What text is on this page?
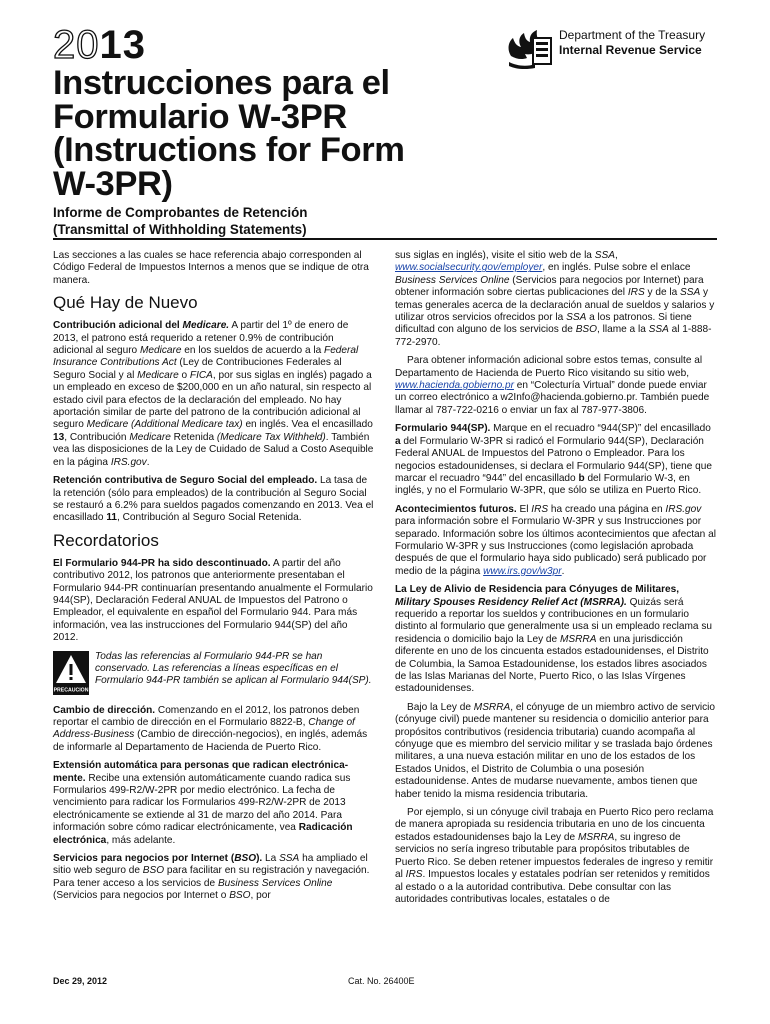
2013	Department of the Treasury
Internal Revenue Service
Instrucciones para el Formulario W-3PR (Instructions for Form W-3PR)
Informe de Comprobantes de Retención
(Transmittal of Withholding Statements)

Las secciones a las cuales se hace referencia abajo corresponden al Código Federal de Impuestos Internos a menos que se indique de otra manera.

Qué Hay de Nuevo

Contribución adicional del Medicare. A partir del 1º de enero de 2013, el patrono está requerido a retener 0.9% de contribución adicional al seguro Medicare en los sueldos de acuerdo a la Federal Insurance Contributions Act (Ley de Contribuciones Federales al Seguro Social y al Medicare o FICA, por sus siglas en inglés) pagado a un empleado en exceso de $200,000 en un año natural, sin respecto al estado civil para efectos de la declaración del empleado. No hay aportación similar de parte del patrono de la contribución adicional al seguro Medicare (Additional Medicare tax) en inglés. Vea el encasillado 13, Contribución Medicare Retenida (Medicare Tax Withheld). También vea las disposiciones de la Ley de Cuidado de Salud a Costo Asequible en la página IRS.gov.

Retención contributiva de Seguro Social del empleado. La tasa de la retención (sólo para empleados) de la contribución al Seguro Social se restauró a 6.2% para sueldos pagados comenzando en 2013. Vea el encasillado 11, Contribución al Seguro Social Retenida.

Recordatorios

El Formulario 944-PR ha sido descontinuado. A partir del año contributivo 2012, los patronos que anteriormente presentaban el Formulario 944-PR continuarían presentando anualmente el Formulario 944(SP), Declaración Federal ANUAL de Impuestos del Patrono o Empleador, el equivalente en español del Formulario 944. Para más información, vea las instrucciones del Formulario 944(SP) del año 2012.

PRECAUCION
Todas las referencias al Formulario 944-PR se han conservado. Las referencias a líneas específicas en el Formulario 944-PR también se aplican al Formulario 944(SP).

Cambio de dirección. Comenzando en el 2012, los patronos deben reportar el cambio de dirección en el Formulario 8822-B, Change of Address-Business (Cambio de dirección-negocios), en inglés, además de informarle al Departamento de Hacienda de Puerto Rico.

Extensión automática para personas que radican electrónica-mente. Recibe una extensión automáticamente cuando radica sus Formularios 499-R2/W-2PR por medio electrónico. La fecha de vencimiento para radicar los Formularios 499-R2/W-2PR de 2013 electrónicamente se extiende al 31 de marzo del año 2014. Para información sobre cómo radicar electrónicamente, vea Radicación electrónica, más adelante.

Servicios para negocios por Internet (BSO). La SSA ha ampliado el sitio web seguro de BSO para facilitar en su registración y navegación. Para tener acceso a los servicios de Business Services Online (Servicios para negocios por Internet o BSO, por

sus siglas en inglés), visite el sitio web de la SSA, www.socialsecurity.gov/employer, en inglés. Pulse sobre el enlace Business Services Online (Servicios para negocios por Internet) para obtener información sobre ciertas publicaciones del IRS y de la SSA y temas generales acerca de la declaración anual de sueldos y salarios y utilizar otros servicios ofrecidos por la SSA a los patronos. Si tiene dificultad con alguno de los servicios de BSO, llame a la SSA al 1-888-772-2970.

Para obtener información adicional sobre estos temas, consulte al Departamento de Hacienda de Puerto Rico visitando su sitio web, www.hacienda.gobierno.pr en “Colecturía Virtual” donde puede enviar un correo electrónico a w2Info@hacienda.gobierno.pr. También puede llamar al 787-722-0216 o enviar un fax al 787-977-3806.

Formulario 944(SP). Marque en el recuadro “944(SP)” del encasillado a del Formulario W-3PR si radicó el Formulario 944(SP), Declaración Federal ANUAL de Impuestos del Patrono o Empleador. Para los negocios estadounidenses, si declara el Formulario 944(SP), tiene que marcar el recuadro “944” del encasillado b del Formulario W-3, en inglés, y no el Formulario W-3PR, que sólo se utiliza en Puerto Rico.

Acontecimientos futuros. El IRS ha creado una página en IRS.gov para información sobre el Formulario W-3PR y sus Instrucciones por separado. Información sobre los últimos acontecimientos que afectan al Formulario W-3PR y sus Instrucciones (como legislación aprobada después de que el formulario haya sido publicado) será publicado por medio de la página www.irs.gov/w3pr.

La Ley de Alivio de Residencia para Cónyuges de Militares, Military Spouses Residency Relief Act (MSRRA). Quizás será requerido a reportar los sueldos y contribuciones en un formulario distinto al formulario que generalmente usa si un empleado reclama su residencia o domicilio bajo la Ley de MSRRA en una jurisdicción diferente en uno de los cincuenta estados estadounidenses, el Distrito de Columbia, la Samoa Estadounidense, los estados libres asociados de las Islas Marianas del Norte, Puerto Rico, o las Islas Vírgenes estadounidenses.

Bajo la Ley de MSRRA, el cónyuge de un miembro activo de servicio (cónyuge civil) puede mantener su residencia o domicilio anterior para propósitos contributivos (residencia tributaria) cuando acompaña al cónyuge que es miembro del servicio militar y se traslada bajo órdenes militares, a una nueva estación militar en uno de los estados de los Estados Unidos, el Distrito de Columbia o una posesión estadounidense. Antes de mudarse nuevamente, ambos tienen que haber tenido la misma residencia tributaria.

Por ejemplo, si un cónyuge civil trabaja en Puerto Rico pero reclama de manera apropiada su residencia tributaria en uno de los cincuenta estados estadounidenses bajo la Ley de MSRRA, su ingreso de servicios no sería ingreso tributable para propósitos tributables de Puerto Rico. Se deben retener impuestos federales de ingreso y remitir al IRS. Impuestos locales y estatales podrían ser retenidos y remitidos al estado o a la autoridad contributiva. Debe consultar con las autoridades contributivas locales, estatales o de

Dec 29, 2012	Cat. No. 26400E
